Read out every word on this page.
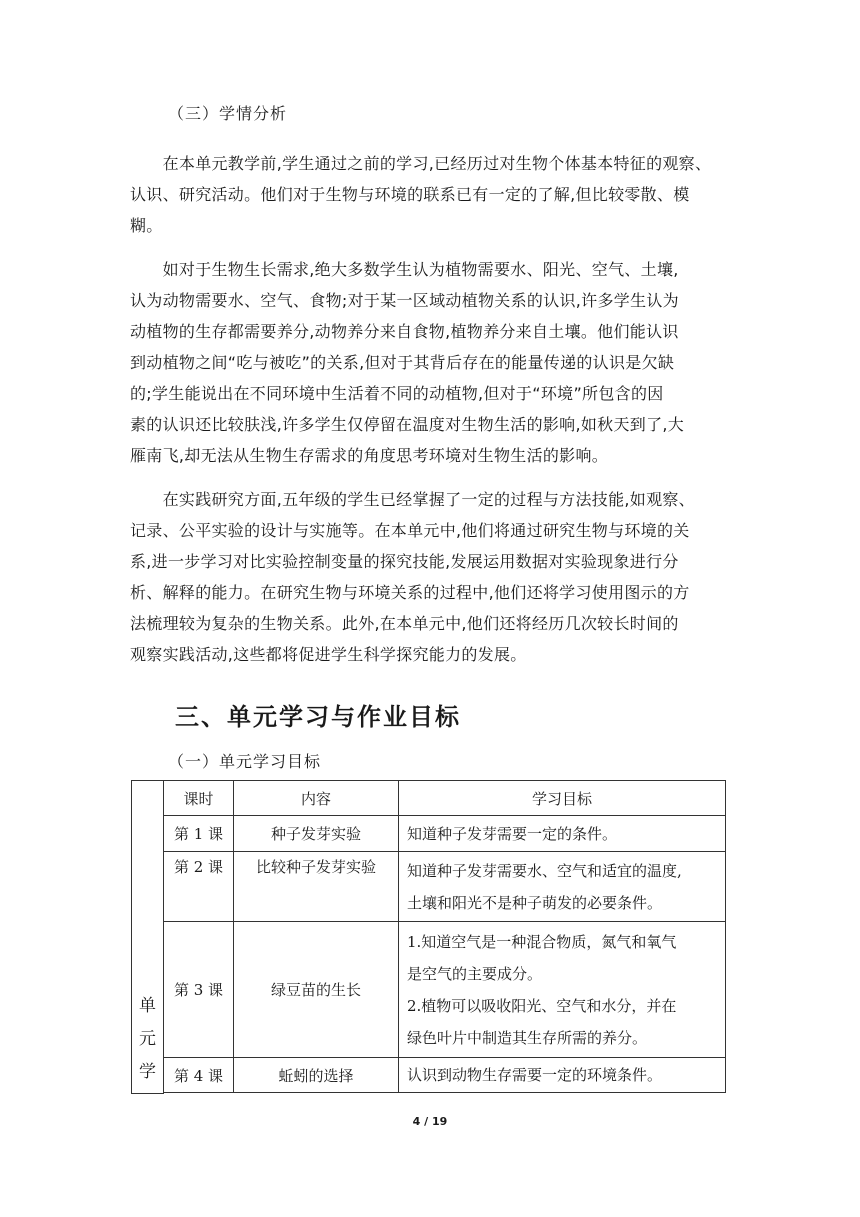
（三）学情分析
　　在本单元教学前,学生通过之前的学习,已经历过对生物个体基本特征的观察、
认识、研究活动。他们对于生物与环境的联系已有一定的了解,但比较零散、模
糊。
　　如对于生物生长需求,绝大多数学生认为植物需要水、阳光、空气、土壤,
认为动物需要水、空气、食物;对于某一区域动植物关系的认识,许多学生认为
动植物的生存都需要养分,动物养分来自食物,植物养分来自土壤。他们能认识
到动植物之间“吃与被吃”的关系,但对于其背后存在的能量传递的认识是欠缺
的;学生能说出在不同环境中生活着不同的动植物,但对于“环境”所包含的因
素的认识还比较肤浅,许多学生仅停留在温度对生物生活的影响,如秋天到了,大
雁南飞,却无法从生物生存需求的角度思考环境对生物生活的影响。
　　在实践研究方面,五年级的学生已经掌握了一定的过程与方法技能,如观察、
记录、公平实验的设计与实施等。在本单元中,他们将通过研究生物与环境的关
系,进一步学习对比实验控制变量的探究技能,发展运用数据对实验现象进行分
析、解释的能力。在研究生物与环境关系的过程中,他们还将学习使用图示的方
法梳理较为复杂的生物关系。此外,在本单元中,他们还将经历几次较长时间的
观察实践活动,这些都将促进学生科学探究能力的发展。
三、单元学习与作业目标
（一）单元学习目标
单
元
学	课时	内容	学习目标
	第 1 课	种子发芽实验	知道种子发芽需要一定的条件。

	第 2 课	比较种子发芽实验	知道种子发芽需要水、空气和适宜的温度,
土壤和阳光不是种子萌发的必要条件。

	第 3 课	绿豆苗的生长	1.知道空气是一种混合物质，氮气和氧气
是空气的主要成分。
2.植物可以吸收阳光、空气和水分，并在
绿色叶片中制造其生存所需的养分。

	第 4 课	蚯蚓的选择	认识到动物生存需要一定的环境条件。

4 / 19
